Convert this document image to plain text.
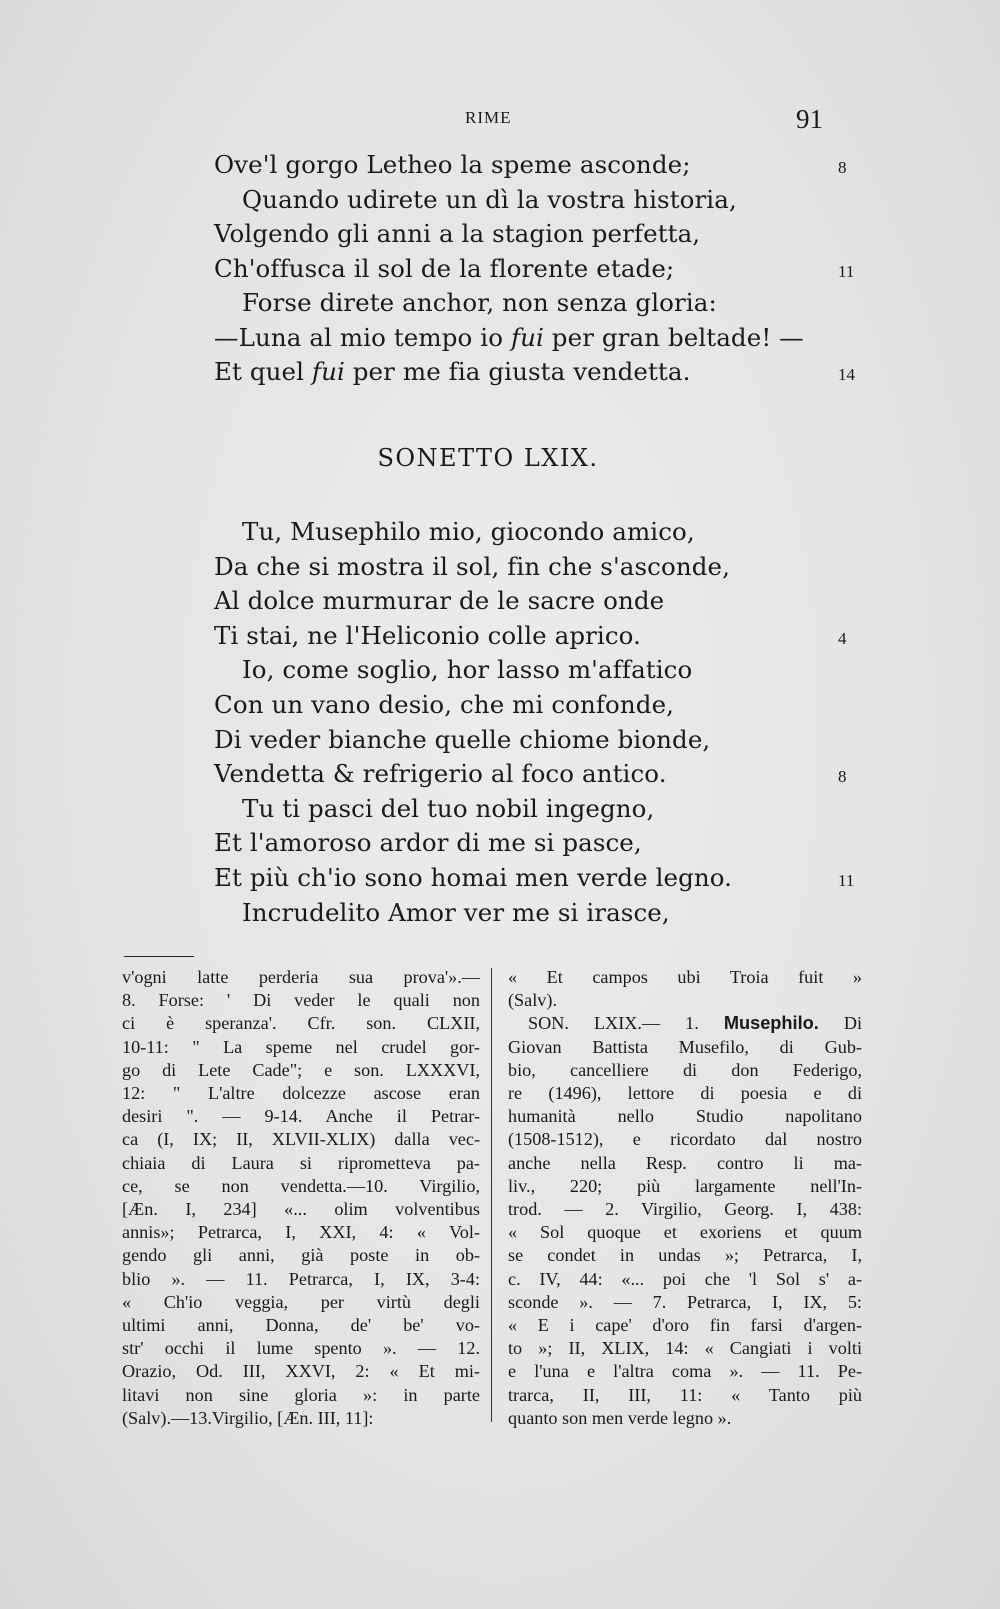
RIME	91
Ove'l gorgo Letheo la speme asconde;	8
Quando udirete un dì la vostra historia,
Volgendo gli anni a la stagion perfetta,
Ch'offusca il sol de la florente etade;	11
Forse direte anchor, non senza gloria:
—Luna al mio tempo io fui per gran beltade! —
Et quel fui per me fia giusta vendetta.	14
SONETTO LXIX.
Tu, Musephilo mio, giocondo amico,
Da che si mostra il sol, fin che s'asconde,
Al dolce murmurar de le sacre onde
Ti stai, ne l'Heliconio colle aprico.	4
Io, come soglio, hor lasso m'affatico
Con un vano desio, che mi confonde,
Di veder bianche quelle chiome bionde,
Vendetta & refrigerio al foco antico.	8
Tu ti pasci del tuo nobil ingegno,
Et l'amoroso ardor di me si pasce,
Et più ch'io sono homai men verde legno.	11
Incrudelito Amor ver me si irasce,
v'ogni latte perderia sua prova'».—
8. Forse: ' Di veder le quali non
ci è speranza'. Cfr. son. CLXII,
10-11: " La speme nel crudel gor-
go di Lete Cade"; e son. LXXXVI,
12: " L'altre dolcezze ascose eran
desiri ". — 9-14. Anche il Petrar-
ca (I, IX; II, XLVII-XLIX) dalla vec-
chiaia di Laura si riprometteva pa-
ce, se non vendetta.—10. Virgilio,
[Æn. I, 234] «... olim volventibus
annis»; Petrarca, I, XXI, 4: « Vol-
gendo gli anni, già poste in ob-
blio ». — 11. Petrarca, I, IX, 3-4:
« Ch'io veggia, per virtù degli
ultimi anni, Donna, de' be' vo-
str' occhi il lume spento ». — 12.
Orazio, Od. III, XXVI, 2: « Et mi-
litavi non sine gloria »: in parte
(Salv).—13.Virgilio, [Æn. III, 11]:
« Et campos ubi Troia fuit »
(Salv).
SON. LXIX.— 1. Musephilo. Di
Giovan Battista Musefilo, di Gub-
bio, cancelliere di don Federigo,
re (1496), lettore di poesia e di
humanità nello Studio napolitano
(1508-1512), e ricordato dal nostro
anche nella Resp. contro li ma-
liv., 220; più largamente nell'In-
trod. — 2. Virgilio, Georg. I, 438:
« Sol quoque et exoriens et quum
se condet in undas »; Petrarca, I,
c. IV, 44: «... poi che 'l Sol s' a-
sconde ». — 7. Petrarca, I, IX, 5:
« E i cape' d'oro fin farsi d'argen-
to »; II, XLIX, 14: « Cangiati i volti
e l'una e l'altra coma ». — 11. Pe-
trarca, II, III, 11: « Tanto più
quanto son men verde legno ».
